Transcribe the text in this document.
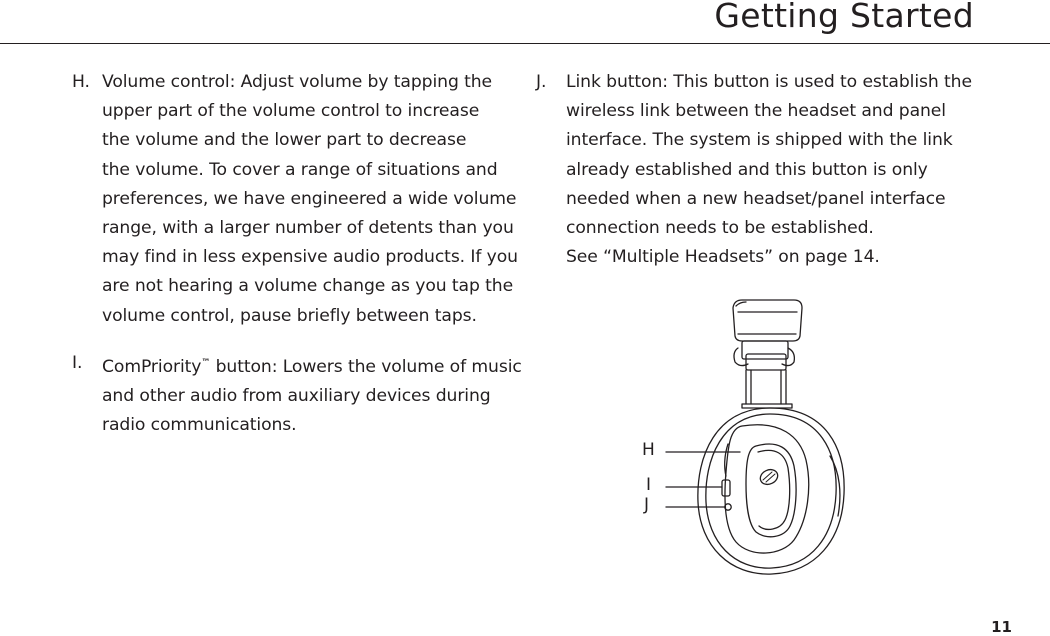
Getting Started
H. Volume control: Adjust volume by tapping the
upper part of the volume control to increase
the volume and the lower part to decrease
the volume. To cover a range of situations and
preferences, we have engineered a wide volume
range, with a larger number of detents than you
may find in less expensive audio products. If you
are not hearing a volume change as you tap the
volume control, pause briefly between taps.
I.	ComPriority™ button: Lowers the volume of music
and other audio from auxiliary devices during
radio communications.
J.	Link button: This button is used to establish the
wireless link between the headset and panel
interface. The system is shipped with the link
already established and this button is only
needed when a new headset/panel interface
connection needs to be established.
See “Multiple Headsets” on page 14.
H
I
J
11
